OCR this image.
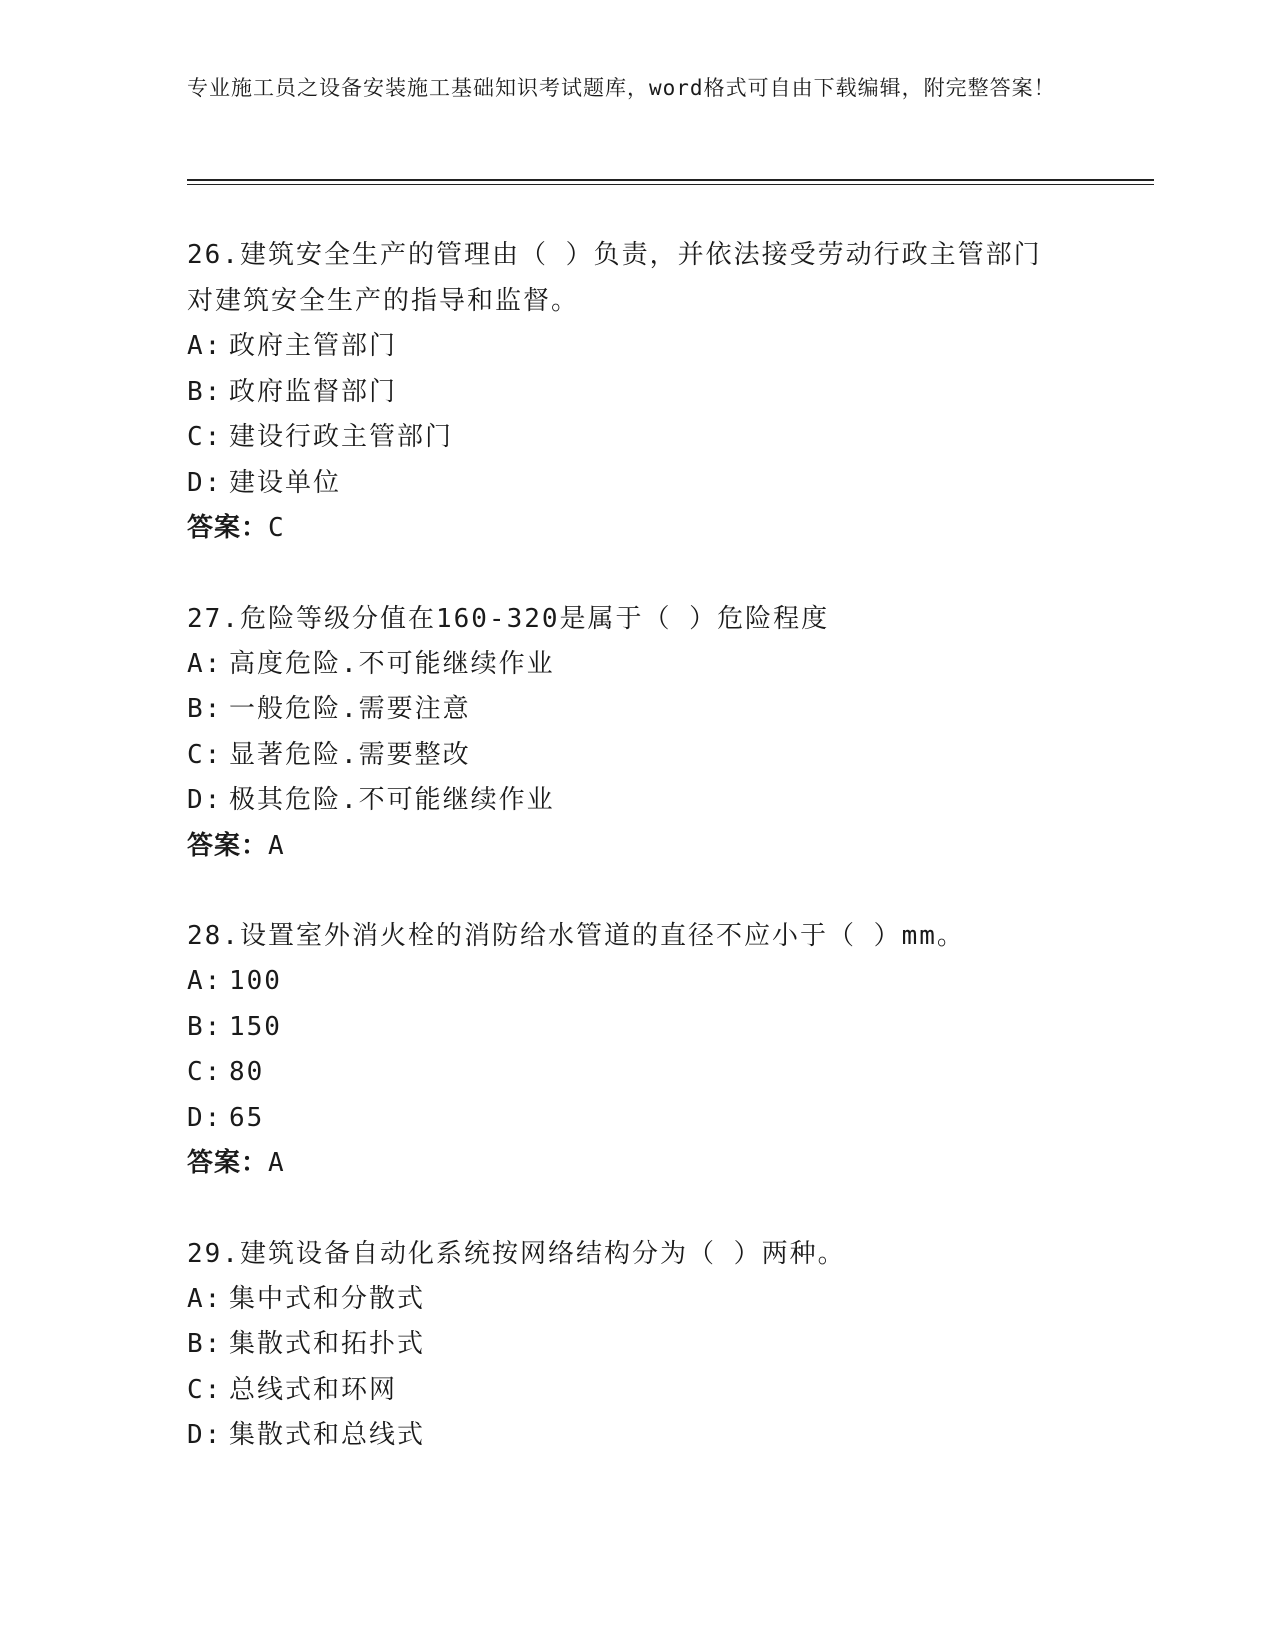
专业施工员之设备安装施工基础知识考试题库，word格式可自由下载编辑，附完整答案！
26.建筑安全生产的管理由（ ）负责，并依法接受劳动行政主管部门对建筑安全生产的指导和监督。
A: 政府主管部门
B: 政府监督部门
C: 建设行政主管部门
D: 建设单位
答案：C
27.危险等级分值在160-320是属于（ ）危险程度
A: 高度危险.不可能继续作业
B: 一般危险.需要注意
C: 显著危险.需要整改
D: 极其危险.不可能继续作业
答案：A
28.设置室外消火栓的消防给水管道的直径不应小于（ ）mm。
A: 100
B: 150
C: 80
D: 65
答案：A
29.建筑设备自动化系统按网络结构分为（ ）两种。
A: 集中式和分散式
B: 集散式和拓扑式
C: 总线式和环网
D: 集散式和总线式
